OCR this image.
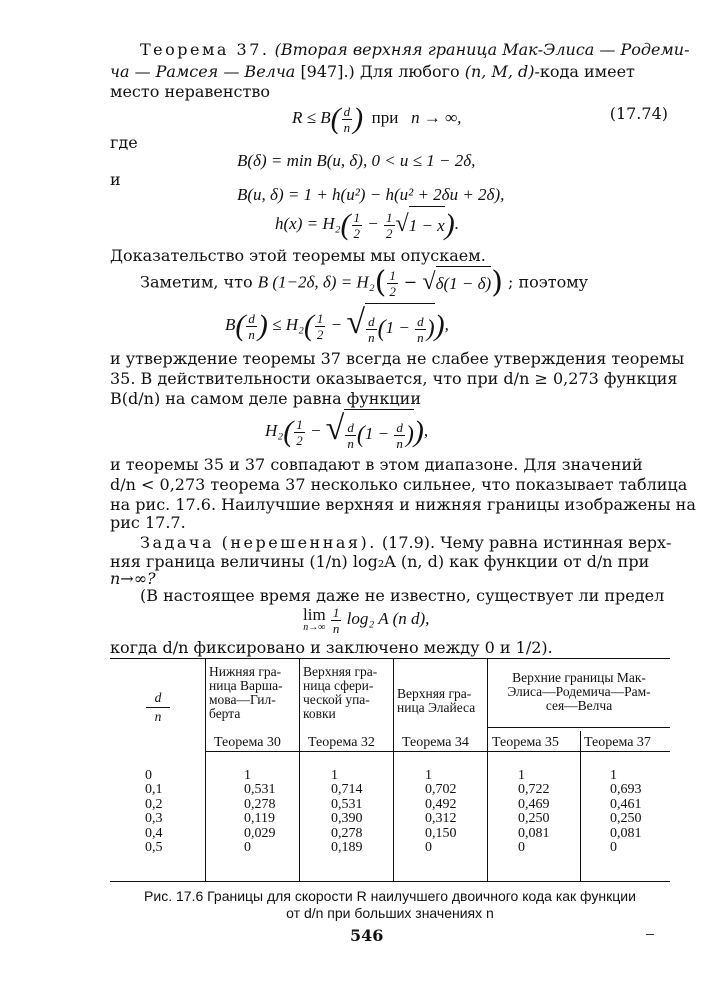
Теорема 37. (Вторая верхняя граница Мак-Элиса — Родеми-
ча — Рамсея — Велча [947].) Для любого (n, M, d)-кода имеет
место неравенство
$R \le B( \frac{d}{n}$ ) при n → ∞,	(17.74)
где
B(δ) = min B(u, δ), 0 < u ≤ 1 − 2δ,
и
B(u, δ) = 1 + h(u²) − h(u² + 2δu + 2δ),
$h(x) = H_2( \frac{1}{2} - \frac{1}{2} √1 - x)$.
Доказательство этой теоремы мы опускаем.
Заметим, что B (1−2δ, $\delta) = H_2( \frac{1}{2} - √\delta(1 - \delta))$ ; поэтому
$B( \frac{d}{n}$ ) ≤ $H_2( \frac{1}{2}$ − √ $\frac{d}{n} (1 - \frac{d}{n}$ )),
и утверждение теоремы 37 всегда не слабее утверждения теоремы
35. В действительности оказывается, что при d/n ≥ 0,273 функция
B(d/n) на самом деле равна функции
$H_2( \frac{1}{2}$ − √ $\frac{d}{n} (1 - \frac{d}{n}$ )),
и теоремы 35 и 37 совпадают в этом диапазоне. Для значений
d/n < 0,273 теорема 37 несколько сильнее, что показывает таблица
на рис. 17.6. Наилучшие верхняя и нижняя границы изображены на
рис 17.7.
Задача (нерешенная). (17.9). Чему равна истинная верх-
няя граница величины (1/n) log₂A (n, d) как функции от d/n при
n→∞?
(В настоящее время даже не известно, существует ли предел
lim
n→∞
$\frac{1}{n} \log_2$ A (n d),
когда d/n фиксировано и заключено между 0 и 1/2).
$\frac{d}{n}$
Нижняя гра-
ница Варша-
мова—Гил-
берта
Верхняя гра-
ница сфери-
ческой упа-
ковки
Верхняя гра-
ница Элайеса
Верхние границы Мак-
Элиса—Родемича—Рам-
сея—Велча
Теорема 30 Теорема 32 Теорема 34 Теорема 35 Теорема 37
0	1	1	1	1	1
0,1	0,531	0,714	0,702	0,722	0,693
0,2	0,278	0,531	0,492	0,469	0,461
0,3	0,119	0,390	0,312	0,250	0,250
0,4	0,029	0,278	0,150	0,081	0,081
0,5	0	0,189	0	0	0
Рис. 17.6 Границы для скорости R наилучшего двоичного кода как функции
от d/n при больших значениях n
546
